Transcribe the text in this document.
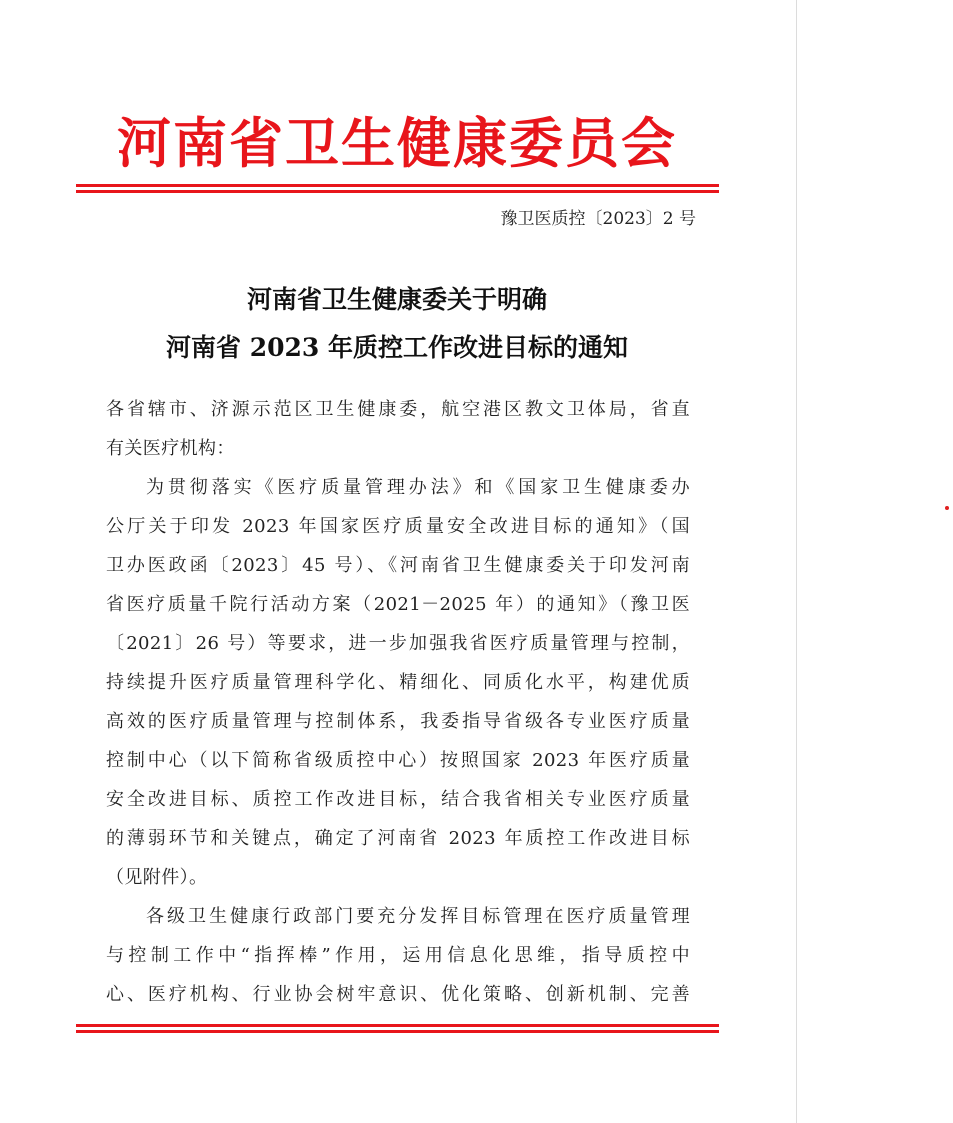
河南省卫生健康委员会
豫卫医质控〔2023〕2 号
河南省卫生健康委关于明确
河南省 2023 年质控工作改进目标的通知
各省辖市、济源示范区卫生健康委，航空港区教文卫体局，省直
有关医疗机构：
为贯彻落实《医疗质量管理办法》和《国家卫生健康委办
公厅关于印发 2023 年国家医疗质量安全改进目标的通知》（国
卫办医政函〔2023〕45 号）、《河南省卫生健康委关于印发河南
省医疗质量千院行活动方案（2021－2025 年）的通知》（豫卫医
〔2021〕26 号）等要求，进一步加强我省医疗质量管理与控制，
持续提升医疗质量管理科学化、精细化、同质化水平，构建优质
高效的医疗质量管理与控制体系，我委指导省级各专业医疗质量
控制中心（以下简称省级质控中心）按照国家 2023 年医疗质量
安全改进目标、质控工作改进目标，结合我省相关专业医疗质量
的薄弱环节和关键点，确定了河南省 2023 年质控工作改进目标
（见附件）。
各级卫生健康行政部门要充分发挥目标管理在医疗质量管理
与控制工作中“指挥棒”作用，运用信息化思维，指导质控中
心、医疗机构、行业协会树牢意识、优化策略、创新机制、完善
